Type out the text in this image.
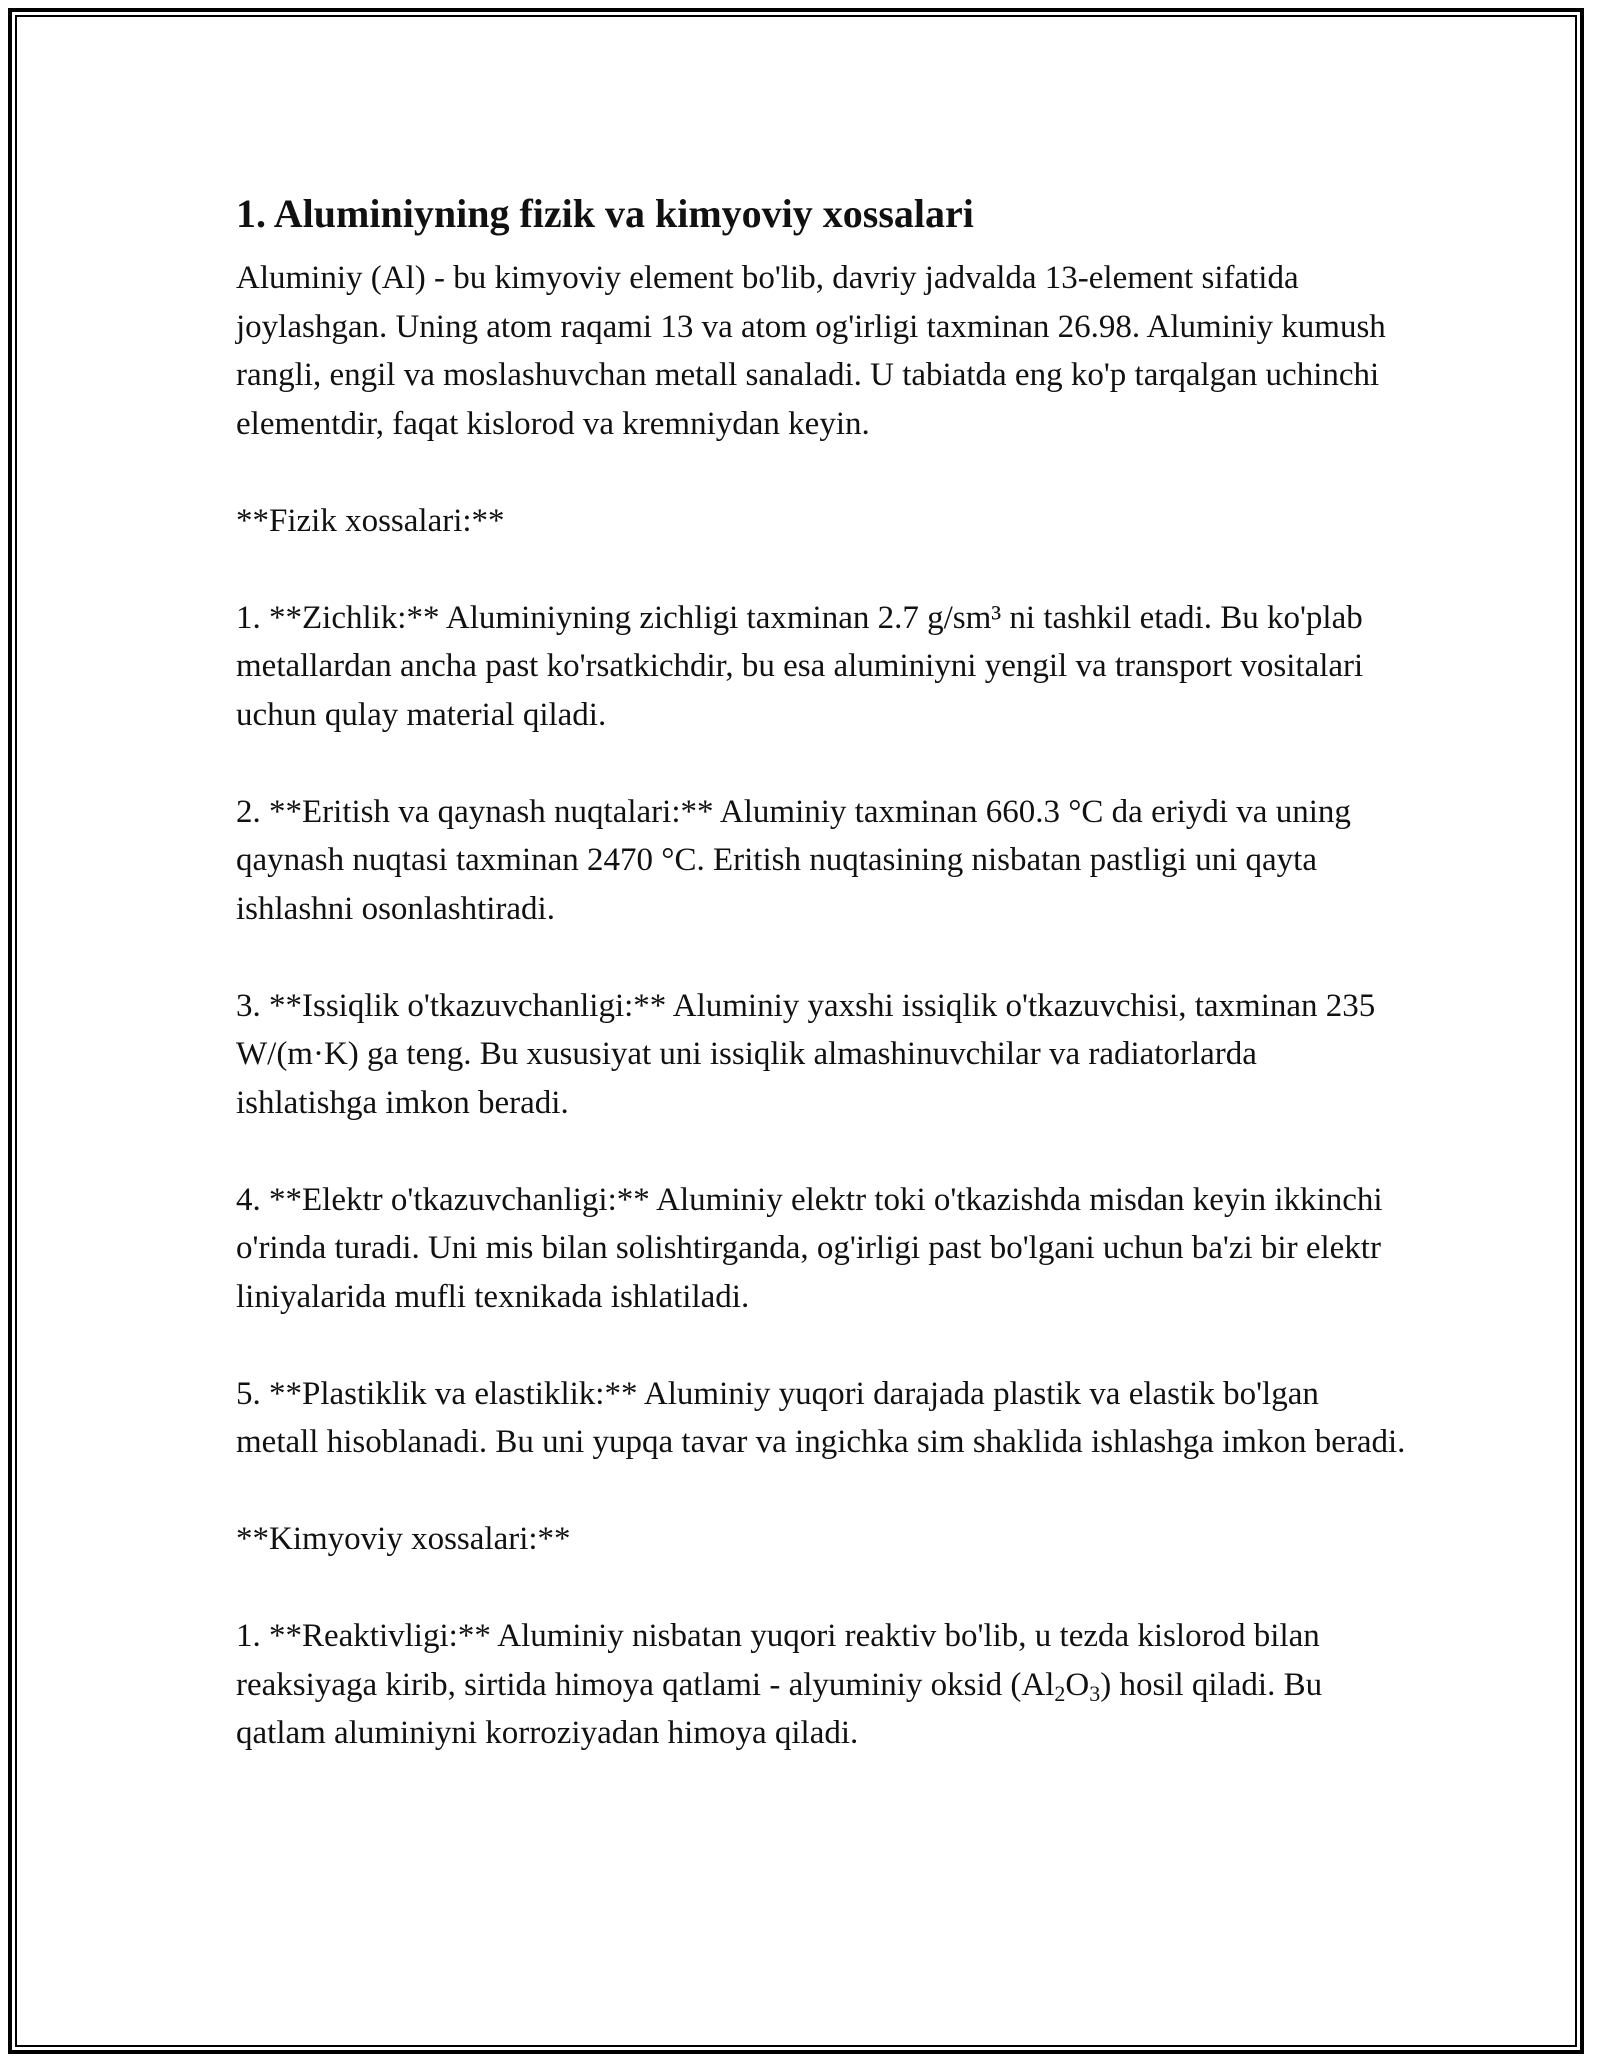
1. Aluminiyning fizik va kimyoviy xossalari

Aluminiy (Al) - bu kimyoviy element bo'lib, davriy jadvalda 13-element sifatida joylashgan. Uning atom raqami 13 va atom og'irligi taxminan 26.98. Aluminiy kumush rangli, engil va moslashuvchan metall sanaladi. U tabiatda eng ko'p tarqalgan uchinchi elementdir, faqat kislorod va kremniydan keyin.

**Fizik xossalari:**

1. **Zichlik:** Aluminiyning zichligi taxminan 2.7 g/sm³ ni tashkil etadi. Bu ko'plab metallardan ancha past ko'rsatkichdir, bu esa aluminiyni yengil va transport vositalari uchun qulay material qiladi.

2. **Eritish va qaynash nuqtalari:** Aluminiy taxminan 660.3 °C da eriydi va uning qaynash nuqtasi taxminan 2470 °C. Eritish nuqtasining nisbatan pastligi uni qayta ishlashni osonlashtiradi.

3. **Issiqlik o'tkazuvchanligi:** Aluminiy yaxshi issiqlik o'tkazuvchisi, taxminan 235 W/(m·K) ga teng. Bu xususiyat uni issiqlik almashinuvchilar va radiatorlarda ishlatishga imkon beradi.

4. **Elektr o'tkazuvchanligi:** Aluminiy elektr toki o'tkazishda misdan keyin ikkinchi o'rinda turadi. Uni mis bilan solishtirganda, og'irligi past bo'lgani uchun ba'zi bir elektr liniyalarida mufli texnikada ishlatiladi.

5. **Plastiklik va elastiklik:** Aluminiy yuqori darajada plastik va elastik bo'lgan metall hisoblanadi. Bu uni yupqa tavar va ingichka sim shaklida ishlashga imkon beradi.

**Kimyoviy xossalari:**

1. **Reaktivligi:** Aluminiy nisbatan yuqori reaktiv bo'lib, u tezda kislorod bilan reaksiyaga kirib, sirtida himoya qatlami - alyuminiy oksid $(Al_2O_3)$ hosil qiladi. Bu qatlam aluminiyni korroziyadan himoya qiladi.
